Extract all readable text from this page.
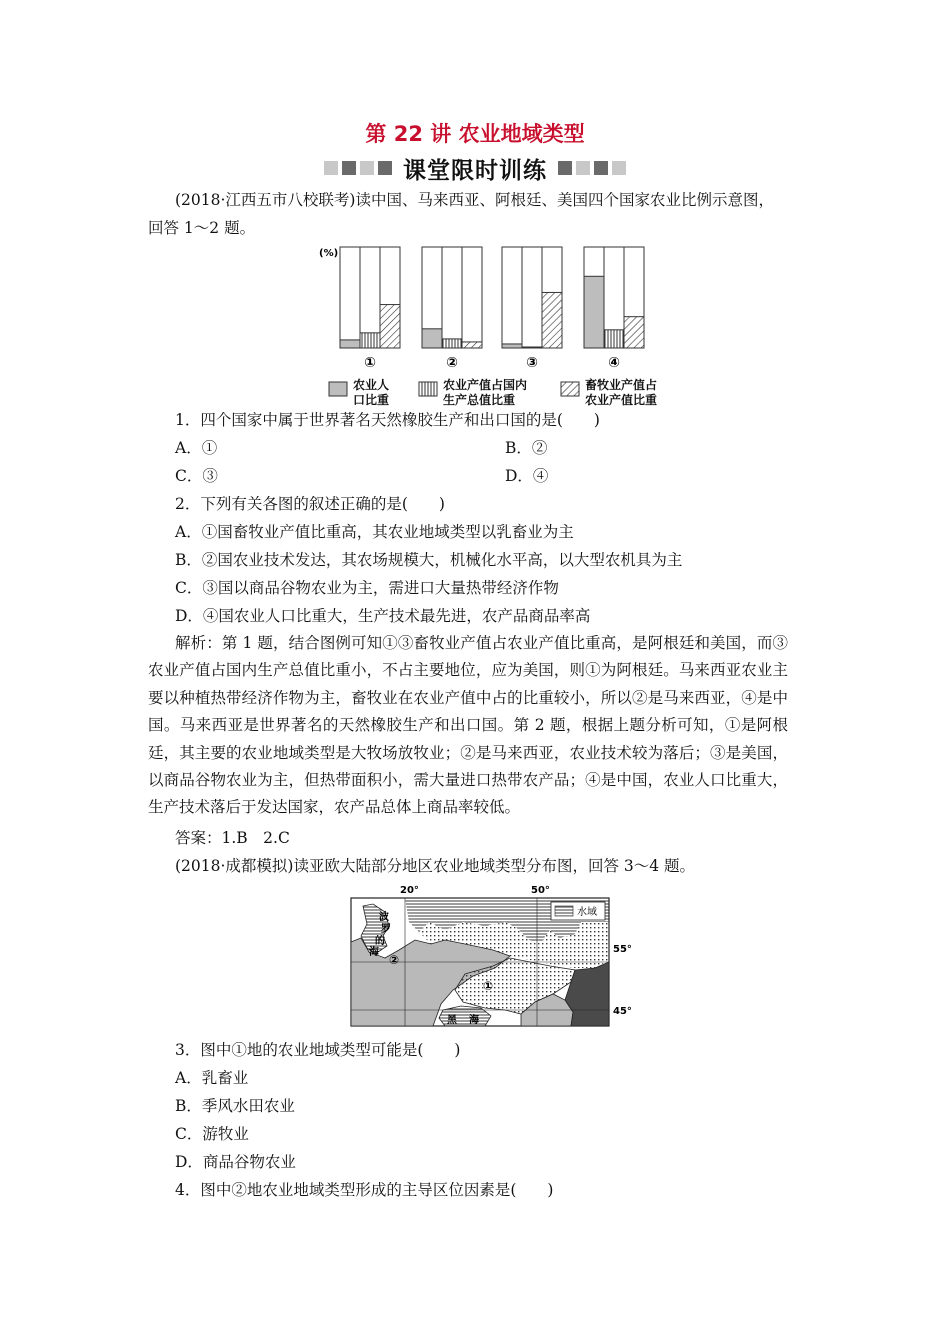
第 22 讲 农业地域类型
课堂限时训练
(2018·江西五市八校联考)读中国、马来西亚、阿根廷、美国四个国家农业比例示意图，
回答 1～2 题。
(%)
①	②	③	④
农业人
口比重
农业产值占国内
生产总值比重
畜牧业产值占
农业产值比重
1．四个国家中属于世界著名天然橡胶生产和出口国的是(　　)
A．①	B．②
C．③	D．④
2．下列有关各图的叙述正确的是(　　)
A．①国畜牧业产值比重高，其农业地域类型以乳畜业为主
B．②国农业技术发达，其农场规模大，机械化水平高，以大型农机具为主
C．③国以商品谷物农业为主，需进口大量热带经济作物
D．④国农业人口比重大，生产技术最先进，农产品商品率高
解析：第 1 题，结合图例可知①③畜牧业产值占农业产值比重高，是阿根廷和美国，而③农业产值占国内生产总值比重小，不占主要地位，应为美国，则①为阿根廷。马来西亚农业主要以种植热带经济作物为主，畜牧业在农业产值中占的比重较小，所以②是马来西亚，④是中国。马来西亚是世界著名的天然橡胶生产和出口国。第 2 题，根据上题分析可知，①是阿根廷，其主要的农业地域类型是大牧场放牧业；②是马来西亚，农业技术较为落后；③是美国，以商品谷物农业为主，但热带面积小，需大量进口热带农产品；④是中国，农业人口比重大，生产技术落后于发达国家，农产品总体上商品率较低。
答案：1.B　2.C
(2018·成都模拟)读亚欧大陆部分地区农业地域类型分布图，回答 3～4 题。
20°	50°
水域
波
罗
的
海
黑 海
①
②
55°
45°
3．图中①地的农业地域类型可能是(　　)
A．乳畜业
B．季风水田农业
C．游牧业
D．商品谷物农业
4．图中②地农业地域类型形成的主导区位因素是(　　)
